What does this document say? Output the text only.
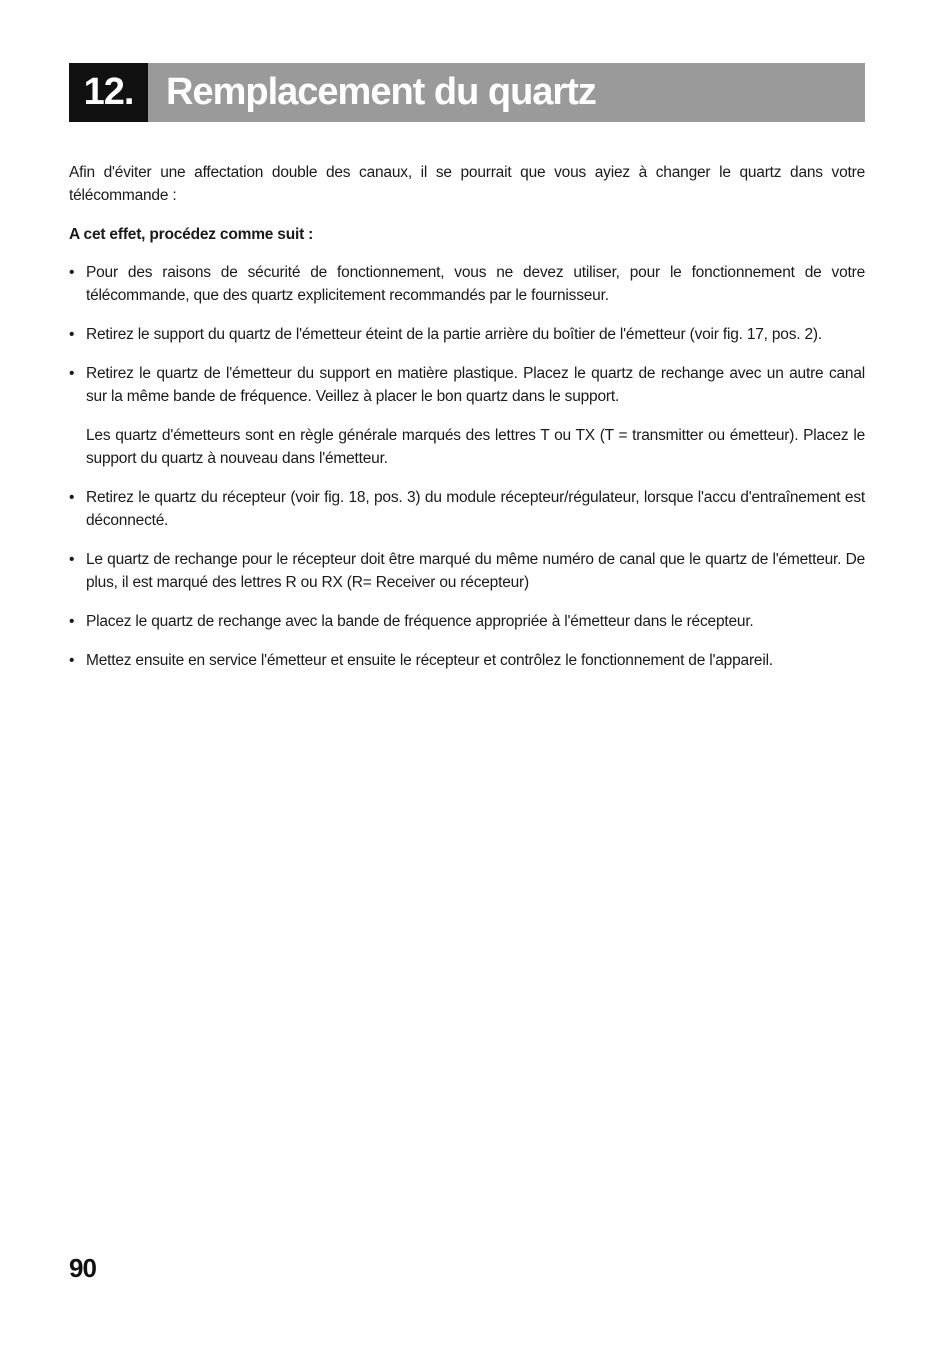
12. Remplacement du quartz

Afin d'éviter une affectation double des canaux, il se pourrait que vous ayiez à changer le quartz dans votre télécommande :

A cet effet, procédez comme suit :

• Pour des raisons de sécurité de fonctionnement, vous ne devez utiliser, pour le fonctionnement de votre télécommande, que des quartz explicitement recommandés par le fournisseur.
• Retirez le support du quartz de l'émetteur éteint de la partie arrière du boîtier de l'émetteur (voir fig. 17, pos. 2).
• Retirez le quartz de l'émetteur du support en matière plastique. Placez le quartz de rechange avec un autre canal sur la même bande de fréquence. Veillez à placer le bon quartz dans le support.
Les quartz d'émetteurs sont en règle générale marqués des lettres T ou TX (T = transmitter ou émetteur). Placez le support du quartz à nouveau dans l'émetteur.
• Retirez le quartz du récepteur (voir fig. 18, pos. 3) du module récepteur/régulateur, lorsque l'accu d'entraînement est déconnecté.
• Le quartz de rechange pour le récepteur doit être marqué du même numéro de canal que le quartz de l'émetteur. De plus, il est marqué des lettres R ou RX (R= Receiver ou récepteur)
• Placez le quartz de rechange avec la bande de fréquence appropriée à l'émetteur dans le récepteur.
• Mettez ensuite en service l'émetteur et ensuite le récepteur et contrôlez le fonctionnement de l'appareil.
90
